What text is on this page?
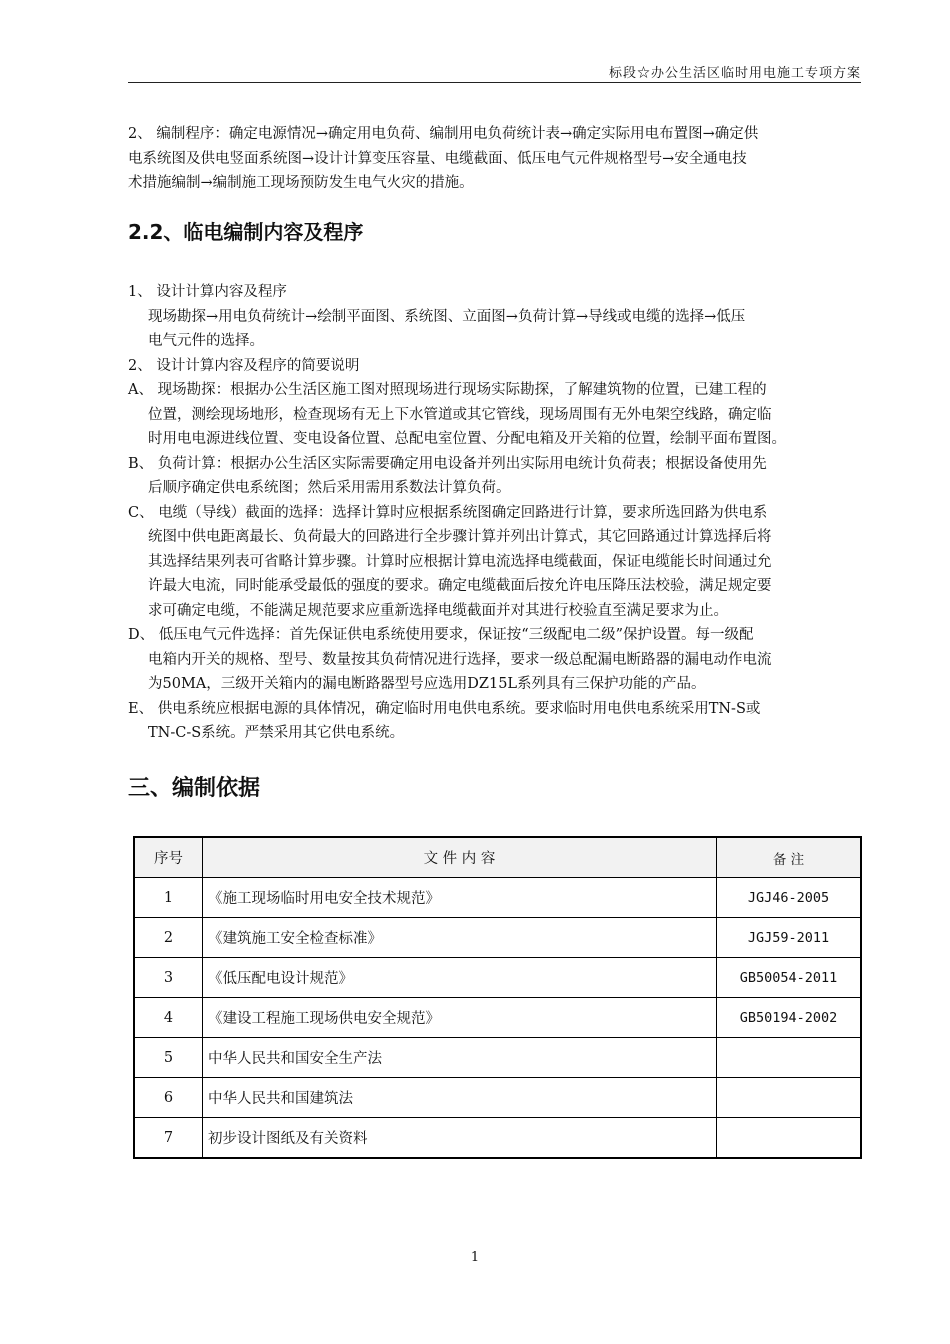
标段☆办公生活区临时用电施工专项方案
2、 编制程序：确定电源情况→确定用电负荷、编制用电负荷统计表→确定实际用电布置图→确定供
电系统图及供电竖面系统图→设计计算变压容量、电缆截面、低压电气元件规格型号→安全通电技
术措施编制→编制施工现场预防发生电气火灾的措施。
2.2、临电编制内容及程序
1、 设计计算内容及程序
现场勘探→用电负荷统计→绘制平面图、系统图、立面图→负荷计算→导线或电缆的选择→低压
电气元件的选择。
2、 设计计算内容及程序的简要说明
A、 现场勘探：根据办公生活区施工图对照现场进行现场实际勘探，了解建筑物的位置，已建工程的
位置，测绘现场地形，检查现场有无上下水管道或其它管线，现场周围有无外电架空线路，确定临
时用电电源进线位置、变电设备位置、总配电室位置、分配电箱及开关箱的位置，绘制平面布置图。
B、 负荷计算：根据办公生活区实际需要确定用电设备并列出实际用电统计负荷表；根据设备使用先
后顺序确定供电系统图；然后采用需用系数法计算负荷。
C、 电缆（导线）截面的选择：选择计算时应根据系统图确定回路进行计算，要求所选回路为供电系
统图中供电距离最长、负荷最大的回路进行全步骤计算并列出计算式，其它回路通过计算选择后将
其选择结果列表可省略计算步骤。计算时应根据计算电流选择电缆截面，保证电缆能长时间通过允
许最大电流，同时能承受最低的强度的要求。确定电缆截面后按允许电压降压法校验，满足规定要
求可确定电缆，不能满足规范要求应重新选择电缆截面并对其进行校验直至满足要求为止。
D、 低压电气元件选择：首先保证供电系统使用要求，保证按“三级配电二级”保护设置。每一级配
电箱内开关的规格、型号、数量按其负荷情况进行选择，要求一级总配漏电断路器的漏电动作电流
为50MA，三级开关箱内的漏电断路器型号应选用DZ15L系列具有三保护功能的产品。
E、 供电系统应根据电源的具体情况，确定临时用电供电系统。要求临时用电供电系统采用TN-S或
TN-C-S系统。严禁采用其它供电系统。
三、编制依据
序号	文 件 内 容	备 注
1	《施工现场临时用电安全技术规范》	JGJ46-2005
2	《建筑施工安全检查标准》	JGJ59-2011
3	《低压配电设计规范》	GB50054-2011
4	《建设工程施工现场供电安全规范》	GB50194-2002
5	中华人民共和国安全生产法	
6	中华人民共和国建筑法	
7	初步设计图纸及有关资料	
1
